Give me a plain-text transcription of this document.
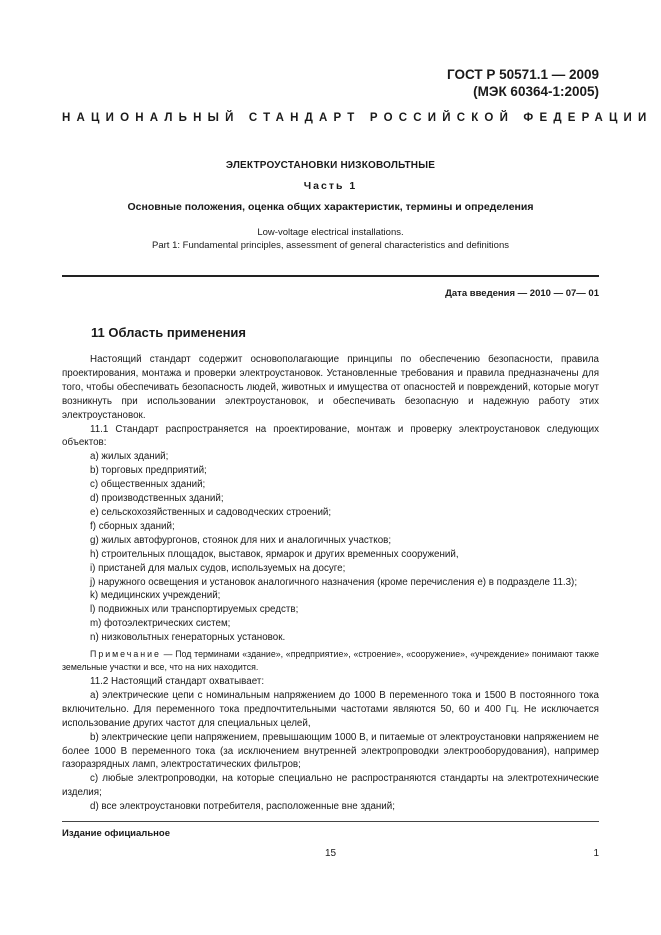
ГОСТ Р 50571.1 — 2009
(МЭК 60364-1:2005)
НАЦИОНАЛЬНЫЙ СТАНДАРТ РОССИЙСКОЙ ФЕДЕРАЦИИ
ЭЛЕКТРОУСТАНОВКИ НИЗКОВОЛЬТНЫЕ
Часть 1
Основные положения, оценка общих характеристик, термины и определения
Low-voltage electrical installations.
Part 1: Fundamental principles, assessment of general characteristics and definitions
Дата введения — 2010 — 07— 01
11 Область применения

Настоящий стандарт содержит основополагающие принципы по обеспечению безопасности, правила проектирования, монтажа и проверки электроустановок. Установленные требования и правила предназначены для того, чтобы обеспечивать безопасность людей, животных и имущества от опасностей и повреждений, которые могут возникнуть при использовании электроустановок, и обеспечивать безопасную и надежную работу этих электроустановок.

11.1 Стандарт распространяется на проектирование, монтаж и проверку электроустановок следующих объектов:

а) жилых зданий;

b) торговых предприятий;

с) общественных зданий;

d) производственных зданий;

е) сельскохозяйственных и садоводческих строений;

f) сборных зданий;

g) жилых автофургонов, стоянок для них и аналогичных участков;

h) строительных площадок, выставок, ярмарок и других временных сооружений,

i) пристаней для малых судов, используемых на досуге;

j) наружного освещения и установок аналогичного назначения (кроме перечисления е) в подразделе 11.3);

k) медицинских учреждений;

l) подвижных или транспортируемых средств;

m) фотоэлектрических систем;

n) низковольтных генераторных установок.

Примечание — Под терминами «здание», «предприятие», «строение», «сооружение», «учреждение» понимают также земельные участки и все, что на них находится.

11.2 Настоящий стандарт охватывает:

а) электрические цепи с номинальным напряжением до 1000 В переменного тока и 1500 В постоянного тока включительно. Для переменного тока предпочтительными частотами являются 50, 60 и 400 Гц. Не исключается использование других частот для специальных целей,

b) электрические цепи напряжением, превышающим 1000 В, и питаемые от электроустановки напряжением не более 1000 В переменного тока (за исключением внутренней электропроводки электрооборудования), например газоразрядных ламп, электростатических фильтров;

с) любые электропроводки, на которые специально не распространяются стандарты на электротехнические изделия;

d) все электроустановки потребителя, расположенные вне зданий;

Издание официальное
15	1
